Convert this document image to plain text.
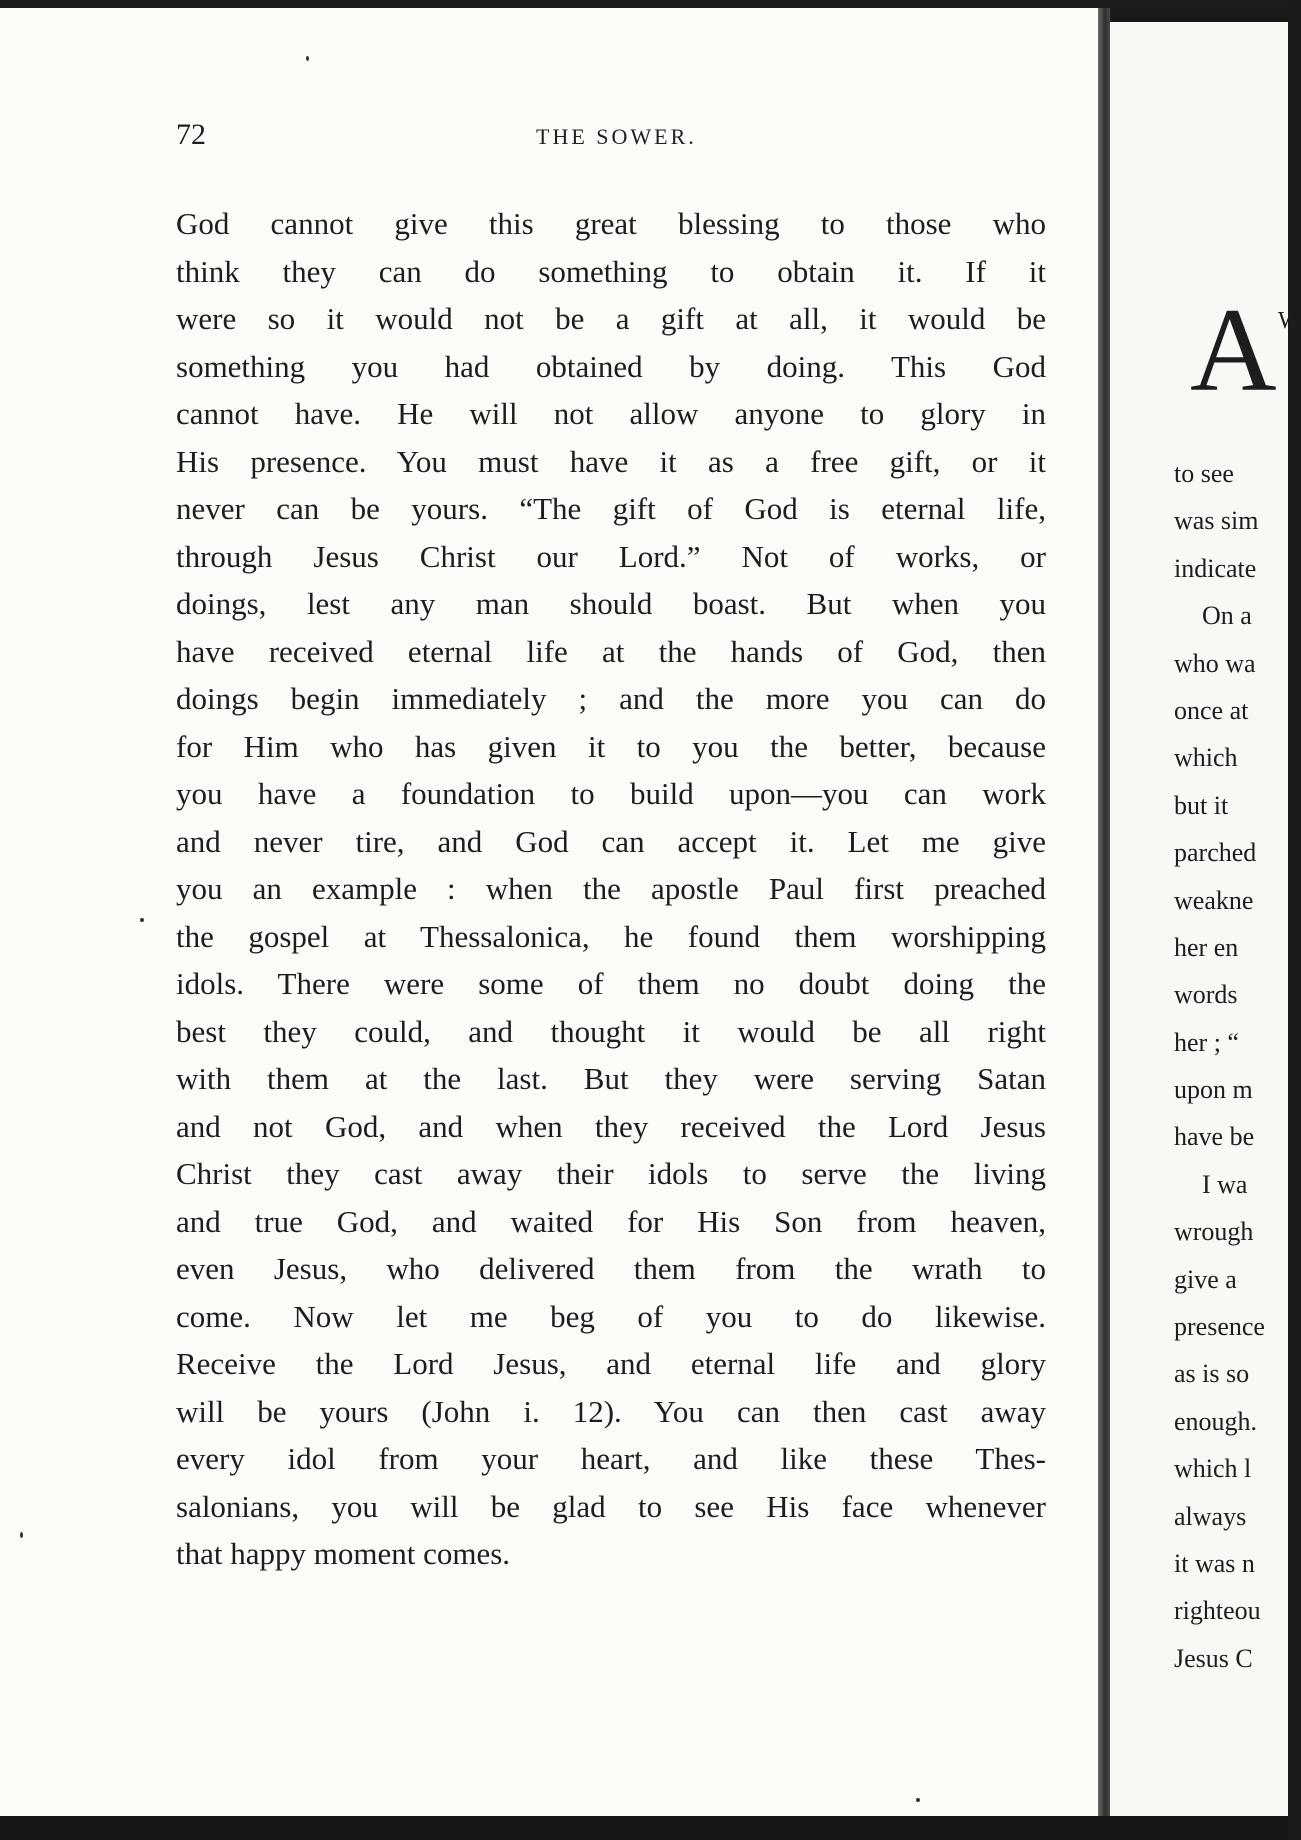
72	THE SOWER.
God cannot give this great blessing to those who
think they can do something to obtain it. If it
were so it would not be a gift at all, it would be
something you had obtained by doing. This God
cannot have. He will not allow anyone to glory in
His presence. You must have it as a free gift, or it
never can be yours. “The gift of God is eternal life,
through Jesus Christ our Lord.” Not of works, or
doings, lest any man should boast. But when you
have received eternal life at the hands of God, then
doings begin immediately ; and the more you can do
for Him who has given it to you the better, because
you have a foundation to build upon—you can work
and never tire, and God can accept it. Let me give
you an example : when the apostle Paul first preached
the gospel at Thessalonica, he found them worshipping
idols. There were some of them no doubt doing the
best they could, and thought it would be all right
with them at the last. But they were serving Satan
and not God, and when they received the Lord Jesus
Christ they cast away their idols to serve the living
and true God, and waited for His Son from heaven,
even Jesus, who delivered them from the wrath to
come. Now let me beg of you to do likewise.
Receive the Lord Jesus, and eternal life and glory
will be yours (John i. 12). You can then cast away
every idol from your heart, and like these Thes-
salonians, you will be glad to see His face whenever
that happy moment comes.
A W
to see
was sim
indicate
On a
who wa
once at
which
but it
parched
weakne
her en
words
her ; “
upon m
have be
I wa
wrough
give a
presence
as is so
enough.
which l
always
it was n
righteou
Jesus C
